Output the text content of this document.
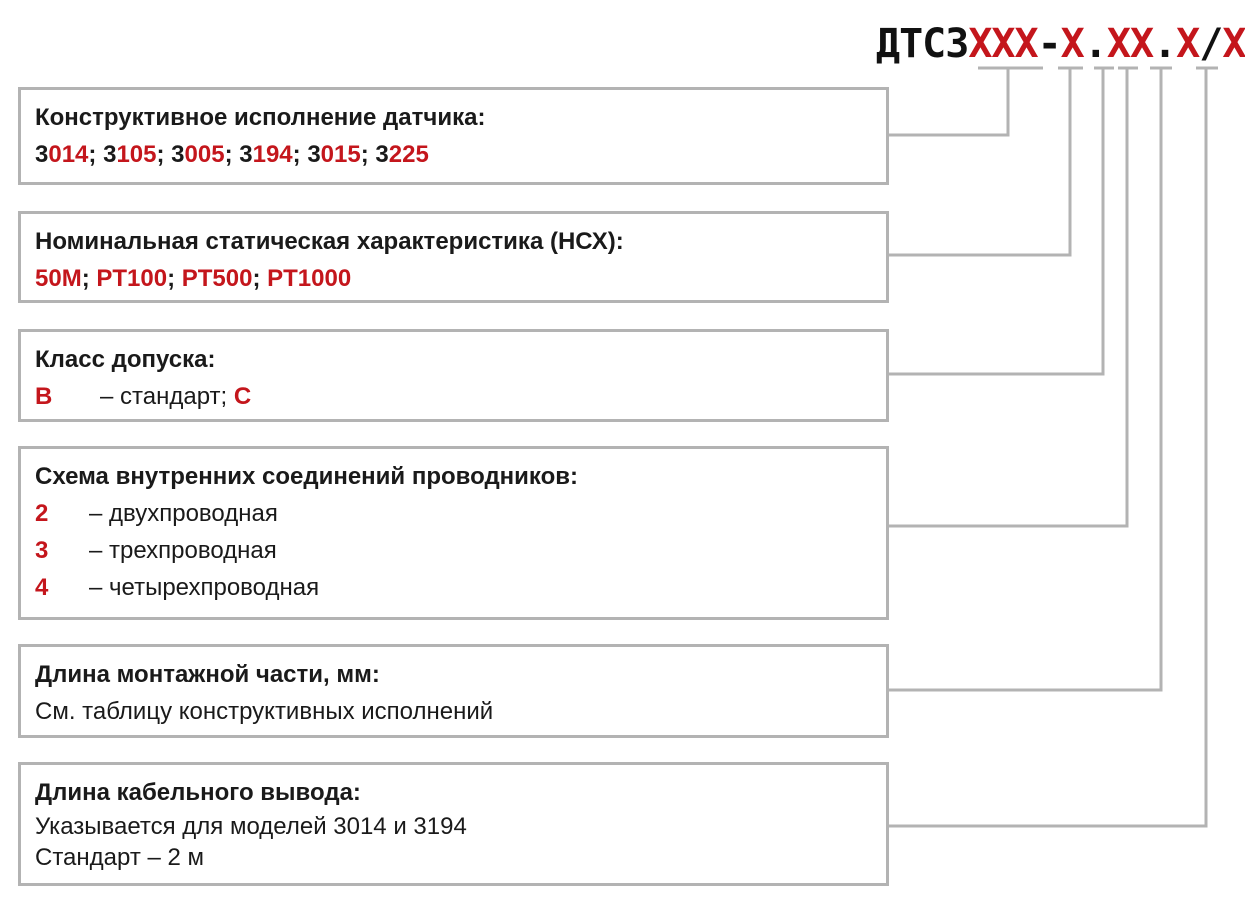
ДТС3XXX-X.XX.X/X
Конструктивное исполнение датчика:
3014; 3105; 3005; 3194; 3015; 3225
Номинальная статическая характеристика (НСХ):
50М; PT100; PT500; PT1000
Класс допуска:
B – стандарт; C
Схема внутренних соединений проводников:
2 – двухпроводная
3 – трехпроводная
4 – четырехпроводная
Длина монтажной части, мм:
См. таблицу конструктивных исполнений
Длина кабельного вывода:
Указывается для моделей 3014 и 3194
Стандарт – 2 м
